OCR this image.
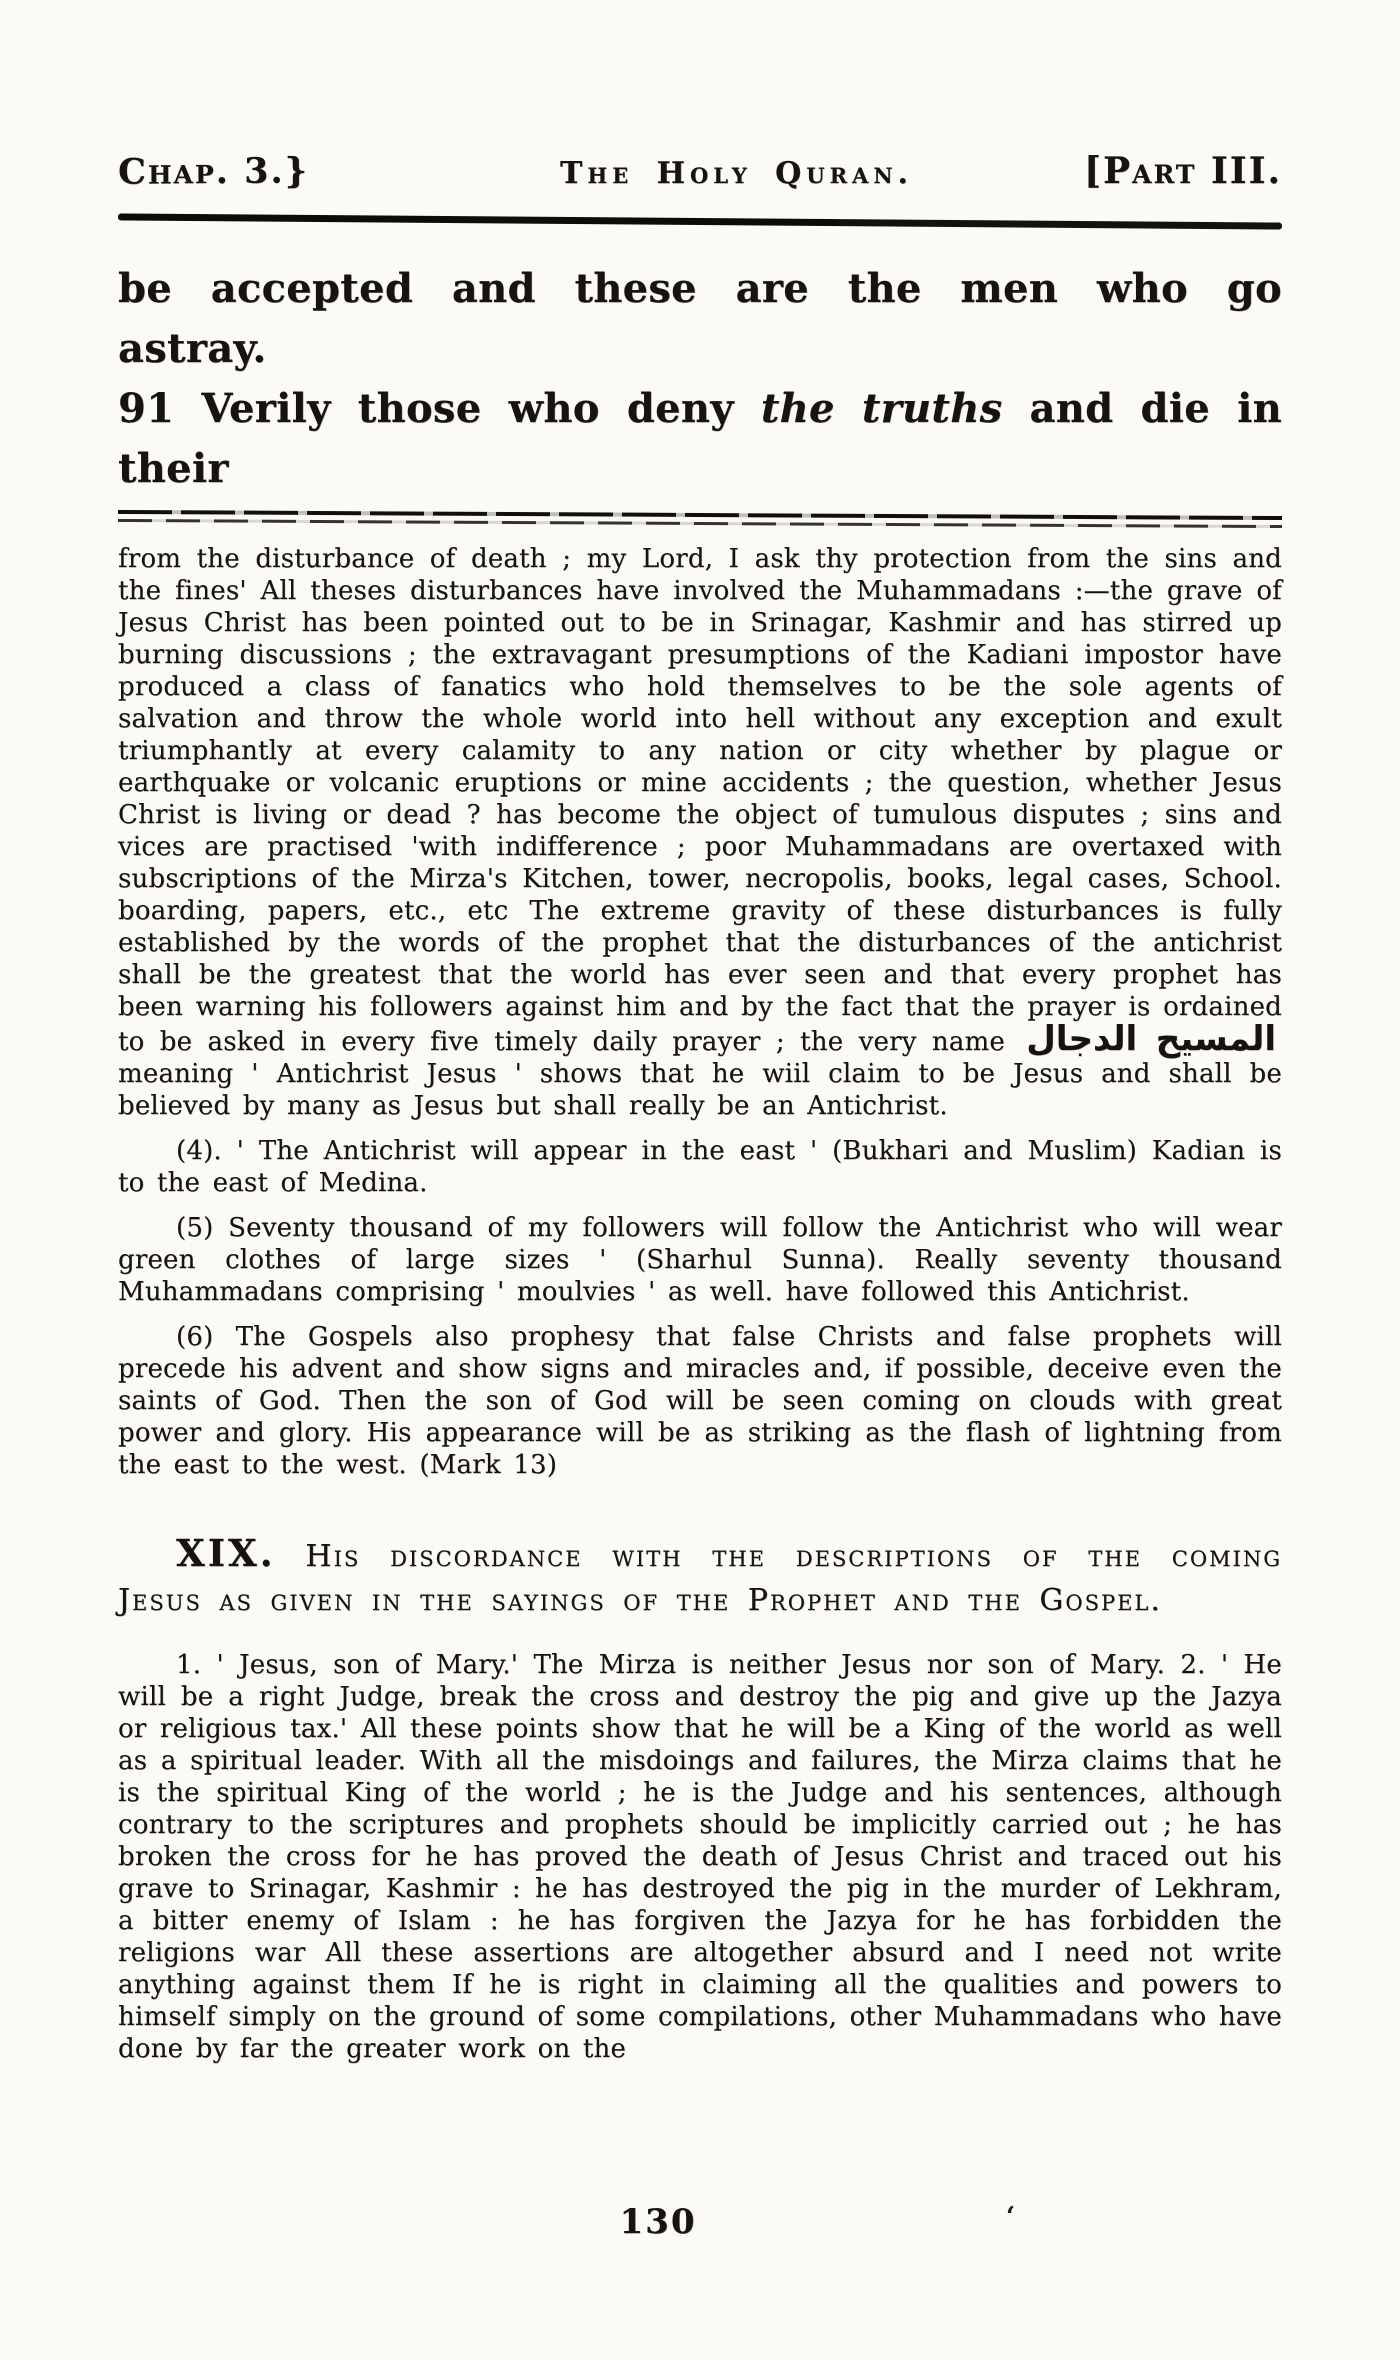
Chap. 3.}	The Holy Quran.	[Part III.
be accepted and these are the men who go astray.
91 Verily those who deny the truths and die in their

from the disturbance of death ; my Lord, I ask thy protection from the sins and the fines' All theses disturbances have involved the Muhammadans :—the grave of Jesus Christ has been pointed out to be in Srinagar, Kashmir and has stirred up burning discussions ; the extravagant presumptions of the Kadiani impostor have produced a class of fanatics who hold themselves to be the sole agents of salvation and throw the whole world into hell without any exception and exult triumphantly at every calamity to any nation or city whether by plague or earthquake or volcanic eruptions or mine accidents ; the question, whether Jesus Christ is living or dead ? has become the object of tumulous disputes ; sins and vices are practised 'with indifference ; poor Muhammadans are overtaxed with subscriptions of the Mirza's Kitchen, tower, necropolis, books, legal cases, School. boarding, papers, etc., etc The extreme gravity of these disturbances is fully established by the words of the prophet that the disturbances of the antichrist shall be the greatest that the world has ever seen and that every prophet has been warning his followers against him and by the fact that the prayer is ordained to be asked in every five timely daily prayer ; the very name المسيح الدجال meaning ' Antichrist Jesus ' shows that he wiil claim to be Jesus and shall be believed by many as Jesus but shall really be an Antichrist.

(4). ' The Antichrist will appear in the east ' (Bukhari and Muslim) Kadian is to the east of Medina.

(5) Seventy thousand of my followers will follow the Antichrist who will wear green clothes of large sizes ' (Sharhul Sunna). Really seventy thousand Muhammadans comprising ' moulvies ' as well. have followed this Antichrist.

(6) The Gospels also prophesy that false Christs and false prophets will precede his advent and show signs and miracles and, if possible, deceive even the saints of God. Then the son of God will be seen coming on clouds with great power and glory. His appearance will be as striking as the flash of lightning from the east to the west. (Mark 13)

XIX. His discordance with the descriptions of the coming Jesus as given in the sayings of the Prophet and the Gospel.

1. ' Jesus, son of Mary.' The Mirza is neither Jesus nor son of Mary. 2. ' He will be a right Judge, break the cross and destroy the pig and give up the Jazya or religious tax.' All these points show that he will be a King of the world as well as a spiritual leader. With all the misdoings and failures, the Mirza claims that he is the spiritual King of the world ; he is the Judge and his sentences, although contrary to the scriptures and prophets should be implicitly carried out ; he has broken the cross for he has proved the death of Jesus Christ and traced out his grave to Srinagar, Kashmir : he has destroyed the pig in the murder of Lekhram, a bitter enemy of Islam : he has forgiven the Jazya for he has forbidden the religions war All these assertions are altogether absurd and I need not write anything against them If he is right in claiming all the qualities and powers to himself simply on the ground of some compilations, other Muhammadans who have done by far the greater work on the

130	‘
